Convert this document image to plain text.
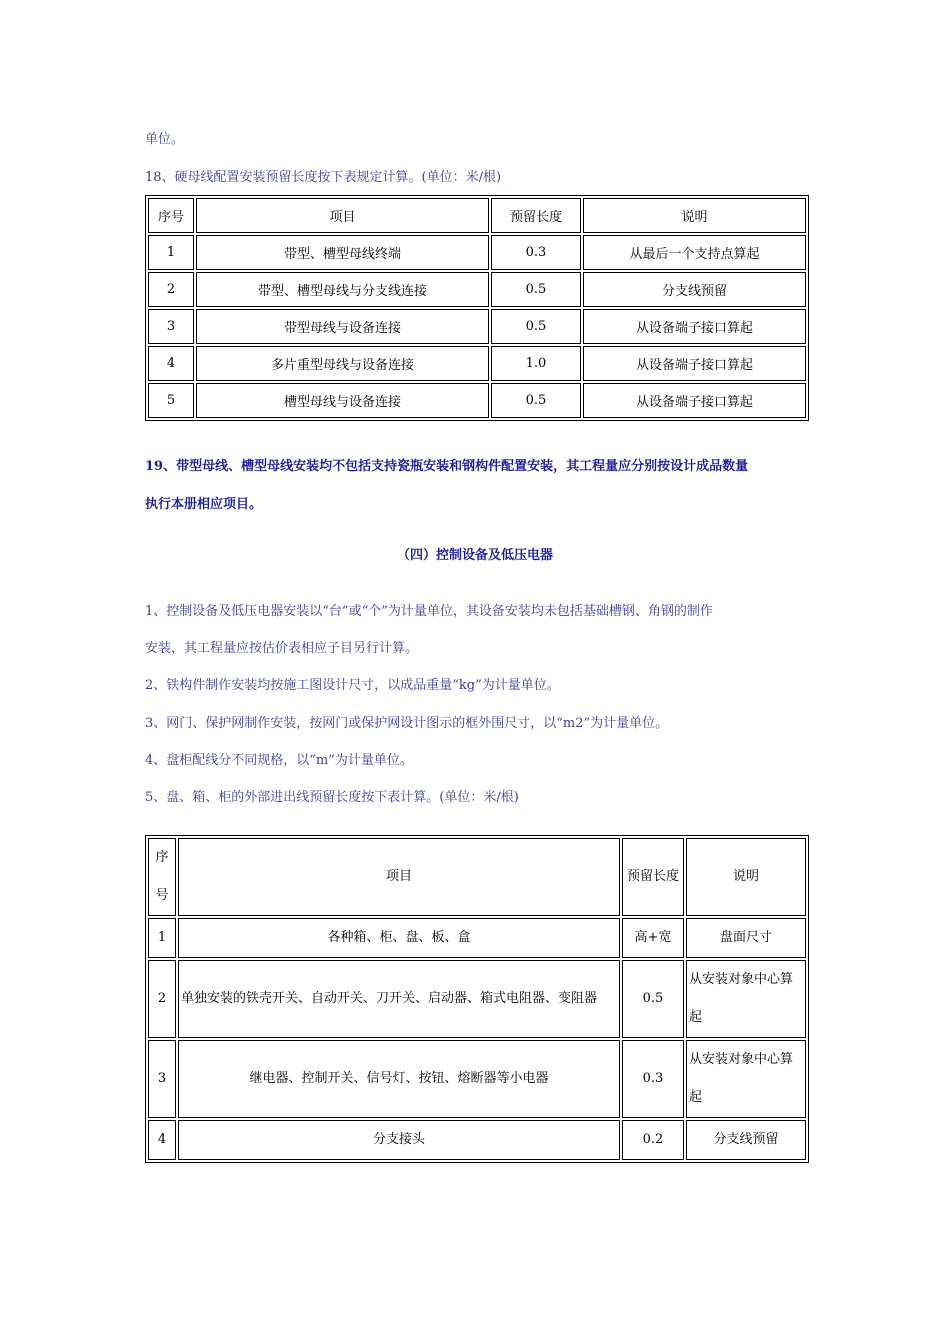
单位。
18、硬母线配置安装预留长度按下表规定计算。(单位：米/根)
序号	项目	预留长度	说明
1	带型、槽型母线终端	0.3	从最后一个支持点算起
2	带型、槽型母线与分支线连接	0.5	分支线预留
3	带型母线与设备连接	0.5	从设备端子接口算起
4	多片重型母线与设备连接	1.0	从设备端子接口算起
5	槽型母线与设备连接	0.5	从设备端子接口算起
19、带型母线、槽型母线安装均不包括支持瓷瓶安装和钢构件配置安装，其工程量应分别按设计成品数量
执行本册相应项目。
（四）控制设备及低压电器
1、控制设备及低压电器安装以“台”或“个”为计量单位，其设备安装均未包括基础槽钢、角钢的制作
安装，其工程量应按估价表相应子目另行计算。
2、铁构件制作安装均按施工图设计尺寸，以成品重量“kg”为计量单位。
3、网门、保护网制作安装，按网门或保护网设计图示的框外围尺寸，以“m2”为计量单位。
4、盘柜配线分不同规格，以“m”为计量单位。
5、盘、箱、柜的外部进出线预留长度按下表计算。(单位：米/根)
序号	项目	预留长度	说明
1	各种箱、柜、盘、板、盒	高+宽	盘面尺寸
2	单独安装的铁壳开关、自动开关、刀开关、启动器、箱式电阻器、变阻器	0.5	从安装对象中心算起
3	继电器、控制开关、信号灯、按钮、熔断器等小电器	0.3	从安装对象中心算起
4	分支接头	0.2	分支线预留
